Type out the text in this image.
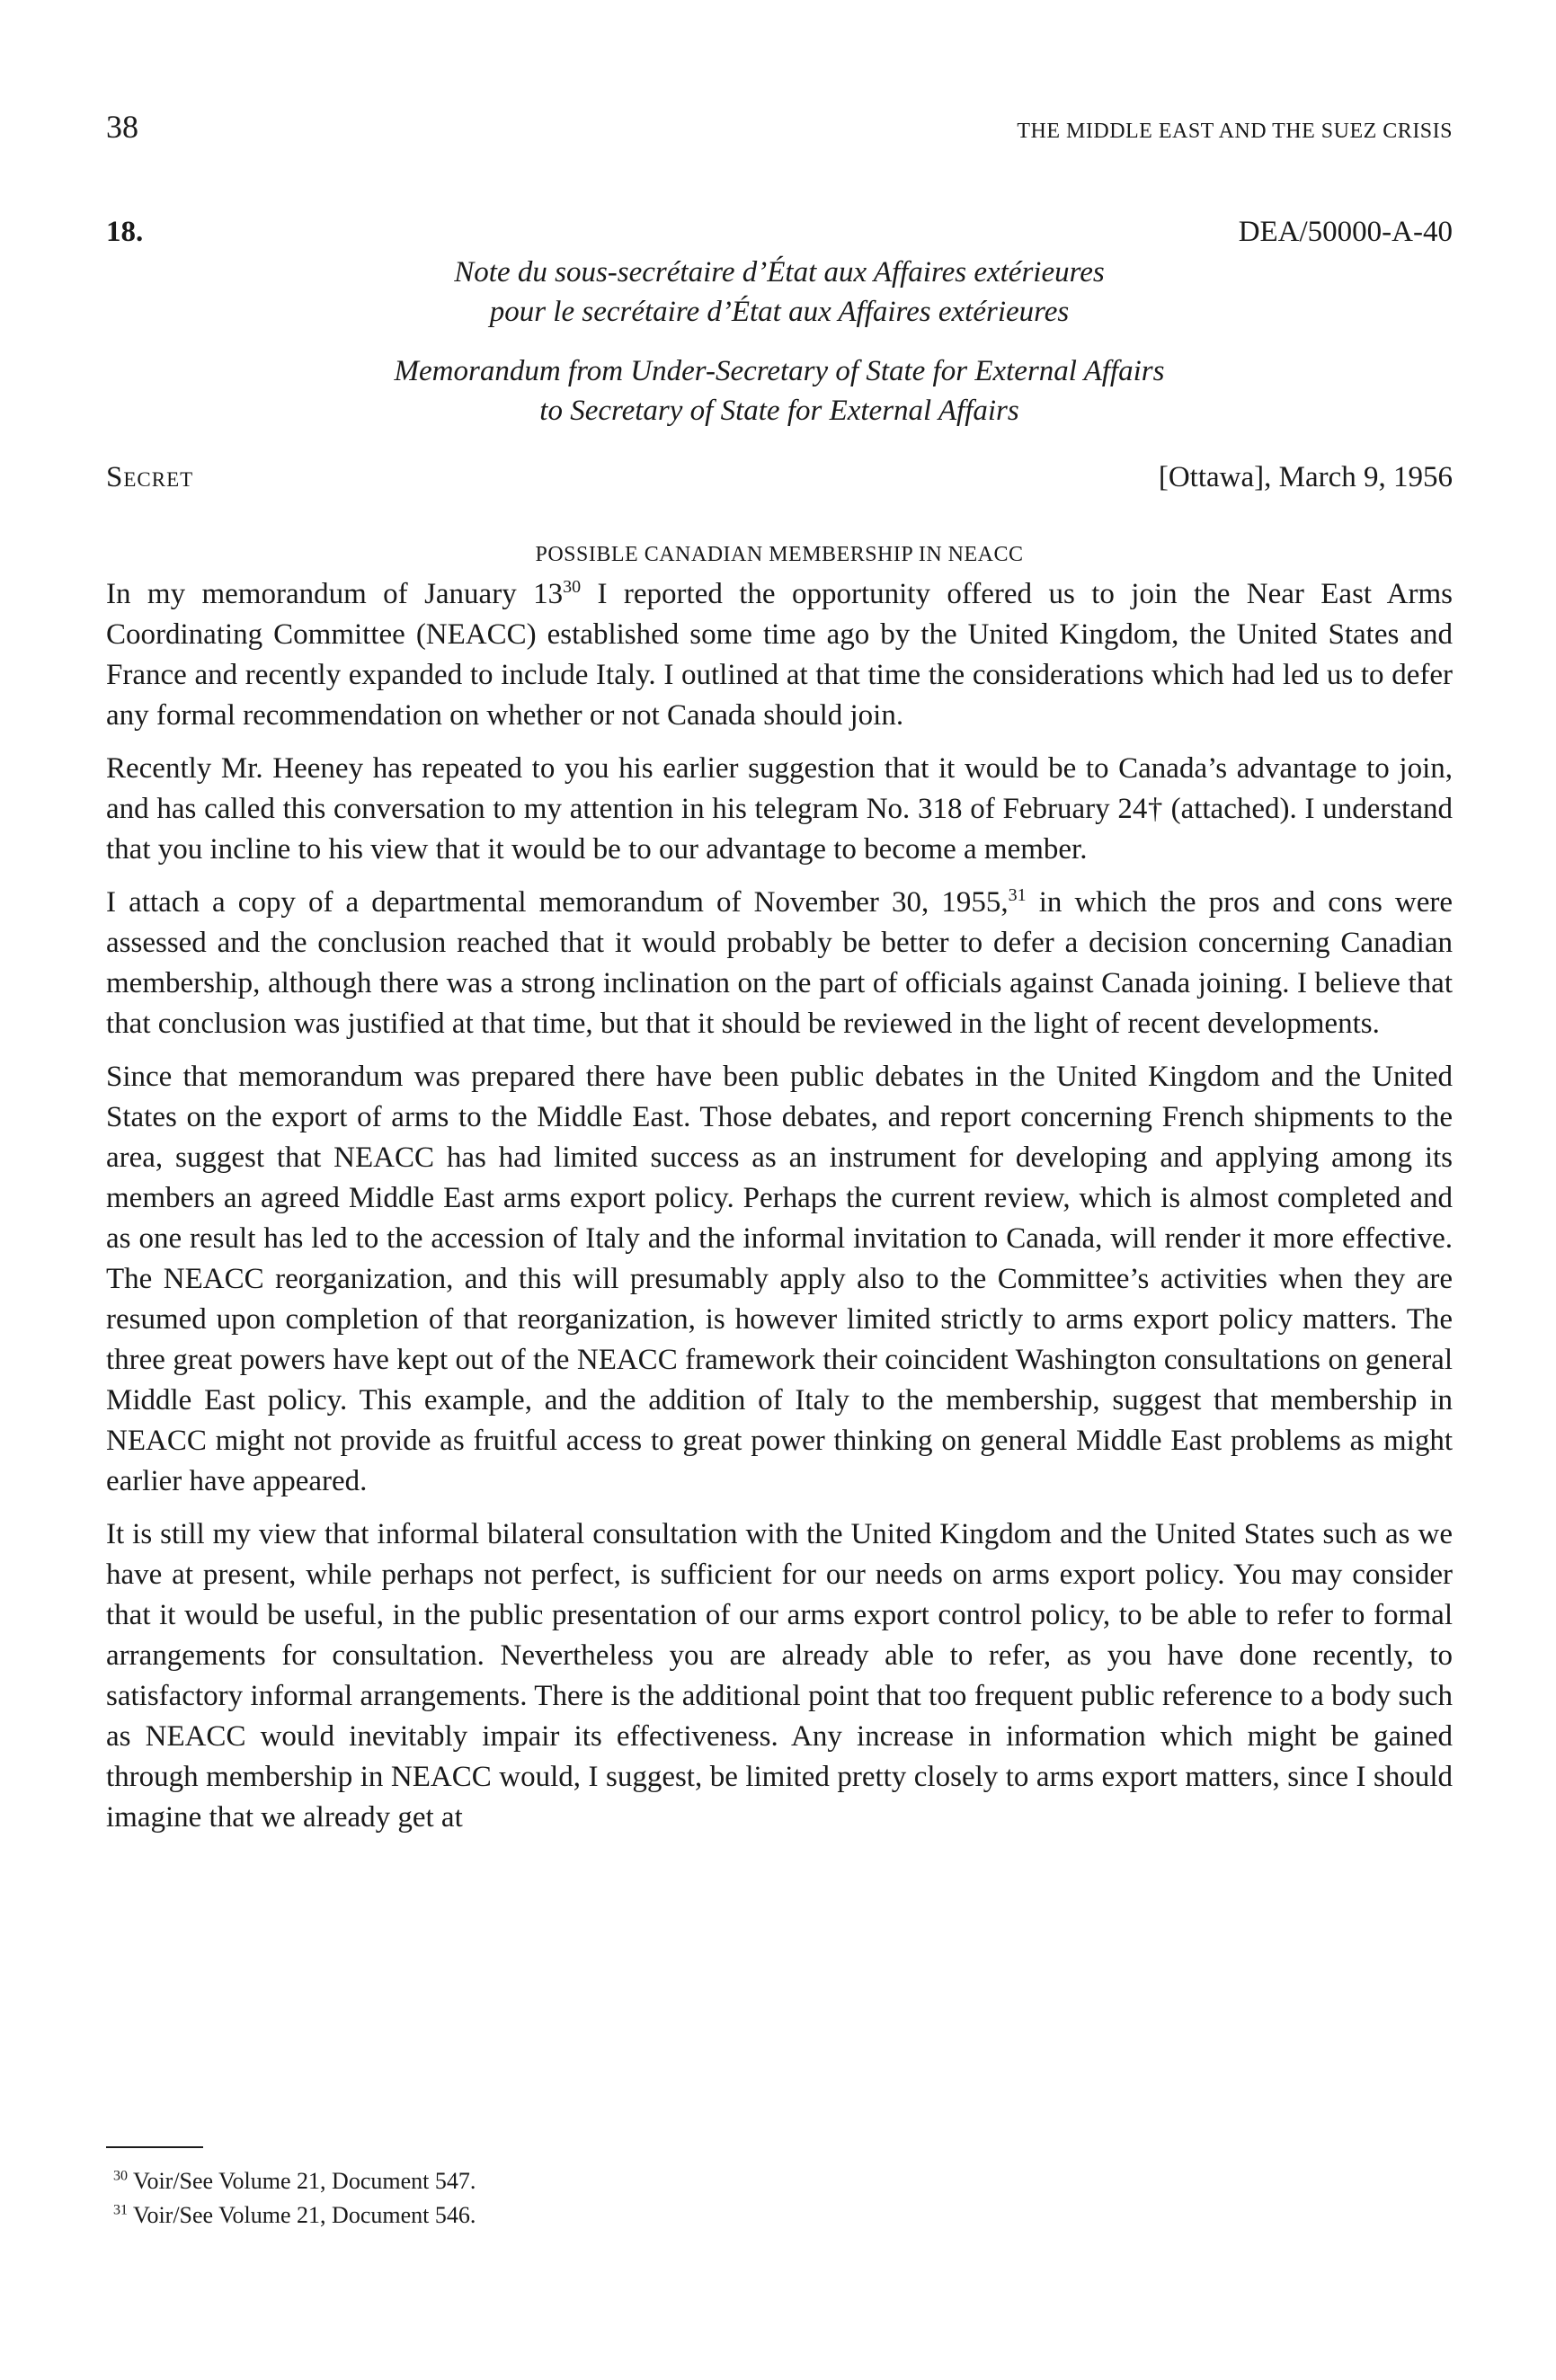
38	THE MIDDLE EAST AND THE SUEZ CRISIS
18.	DEA/50000-A-40
Note du sous-secrétaire d’État aux Affaires extérieures
pour le secrétaire d’État aux Affaires extérieures
Memorandum from Under-Secretary of State for External Affairs
to Secretary of State for External Affairs
Secret	[Ottawa], March 9, 1956
POSSIBLE CANADIAN MEMBERSHIP IN NEACC

In my memorandum of January $13^{30}$ I reported the opportunity offered us to join the Near East Arms Coordinating Committee (NEACC) established some time ago by the United Kingdom, the United States and France and recently expanded to include Italy. I outlined at that time the considerations which had led us to defer any formal recommendation on whether or not Canada should join.

Recently Mr. Heeney has repeated to you his earlier suggestion that it would be to Canada’s advantage to join, and has called this conversation to my attention in his telegram No. 318 of February 24† (attached). I understand that you incline to his view that it would be to our advantage to become a member.

I attach a copy of a departmental memorandum of November 30, 1955,31 in which the pros and cons were assessed and the conclusion reached that it would probably be better to defer a decision concerning Canadian membership, although there was a strong inclination on the part of officials against Canada joining. I believe that that conclusion was justified at that time, but that it should be reviewed in the light of recent developments.

Since that memorandum was prepared there have been public debates in the United Kingdom and the United States on the export of arms to the Middle East. Those debates, and report concerning French shipments to the area, suggest that NEACC has had limited success as an instrument for developing and applying among its members an agreed Middle East arms export policy. Perhaps the current review, which is almost completed and as one result has led to the accession of Italy and the informal invitation to Canada, will render it more effective. The NEACC reorganization, and this will presumably apply also to the Committee’s activities when they are resumed upon completion of that reorganization, is however limited strictly to arms export policy matters. The three great powers have kept out of the NEACC framework their coincident Washington consultations on general Middle East policy. This example, and the addition of Italy to the membership, suggest that membership in NEACC might not provide as fruitful access to great power thinking on general Middle East problems as might earlier have appeared.

It is still my view that informal bilateral consultation with the United Kingdom and the United States such as we have at present, while perhaps not perfect, is sufficient for our needs on arms export policy. You may consider that it would be useful, in the public presentation of our arms export control policy, to be able to refer to formal arrangements for consultation. Nevertheless you are already able to refer, as you have done recently, to satisfactory informal arrangements. There is the additional point that too frequent public reference to a body such as NEACC would inevitably impair its effectiveness. Any increase in information which might be gained through membership in NEACC would, I suggest, be limited pretty closely to arms export matters, since I should imagine that we already get at

$^{30}$ Voir/See Volume 21, Document 547.
$^{31}$ Voir/See Volume 21, Document 546.
